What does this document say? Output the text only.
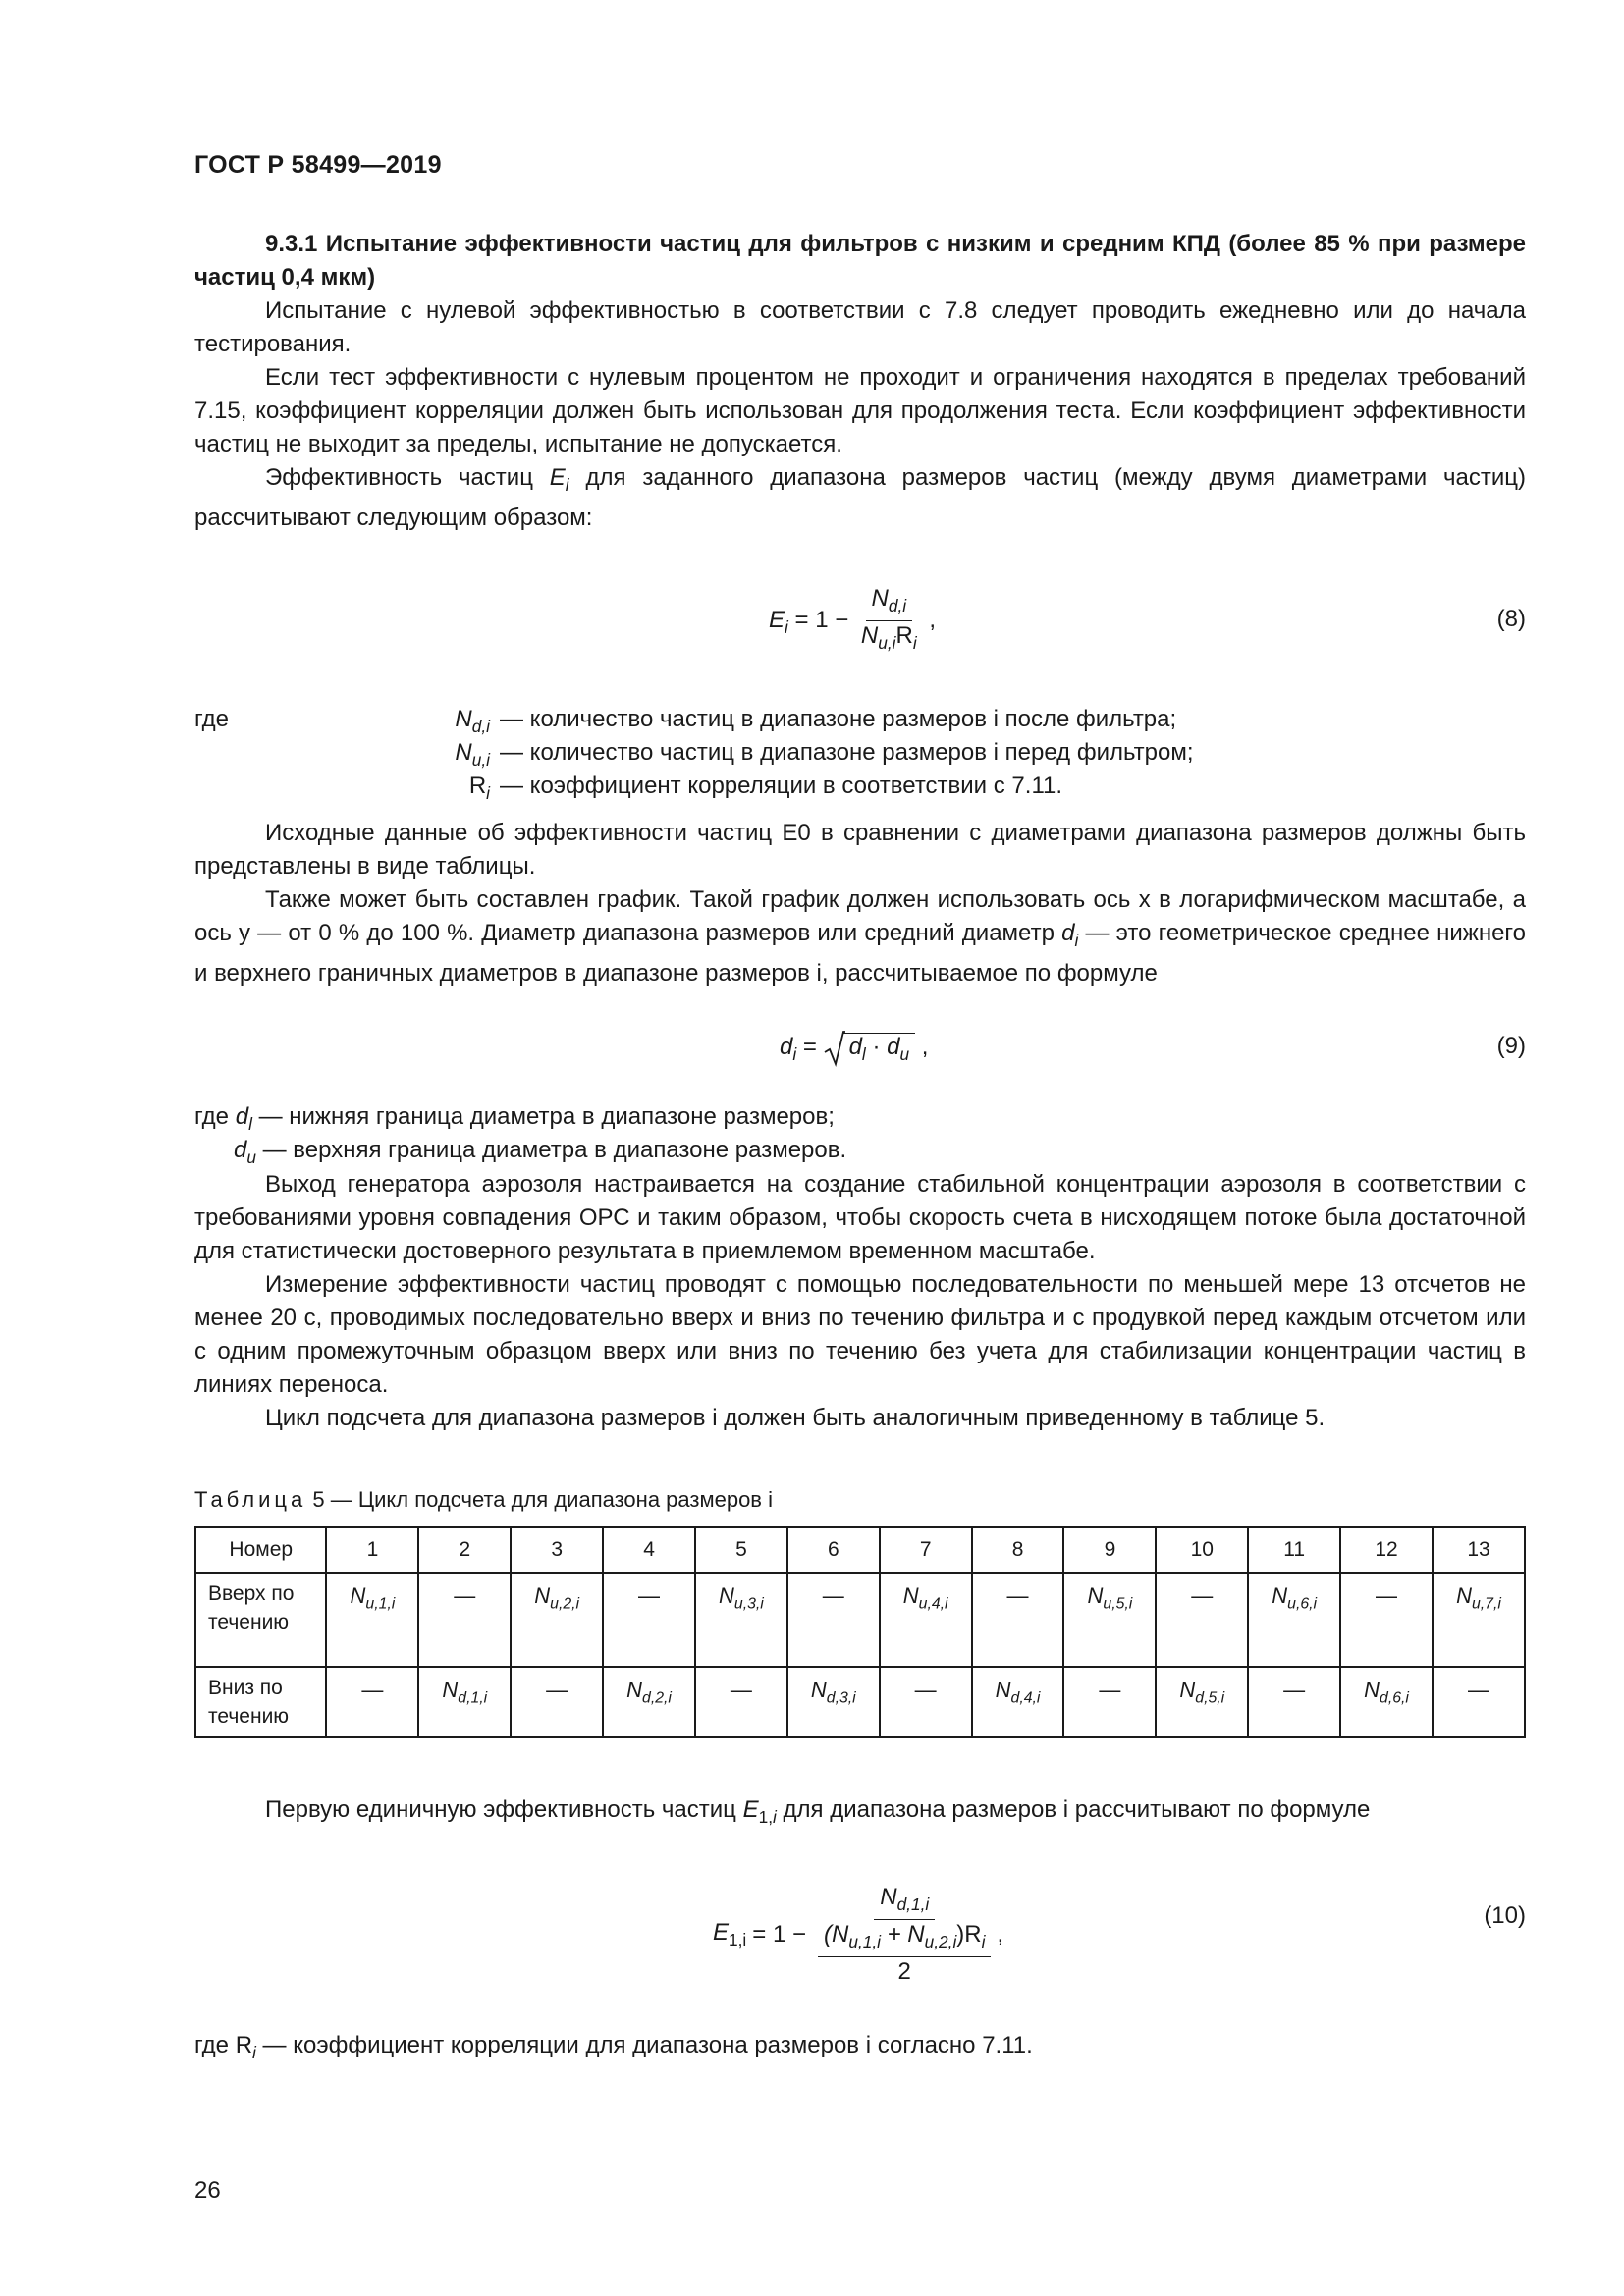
ГОСТ Р 58499—2019

9.3.1 Испытание эффективности частиц для фильтров с низким и средним КПД (более 85 % при размере частиц 0,4 мкм)

Испытание с нулевой эффективностью в соответствии с 7.8 следует проводить ежедневно или до начала тестирования.

Если тест эффективности с нулевым процентом не проходит и ограничения находятся в пределах требований 7.15, коэффициент корреляции должен быть использован для продолжения теста. Если коэффициент эффективности частиц не выходит за пределы, испытание не допускается.

Эффективность частиц $E_i$ для заданного диапазона размеров частиц (между двумя диаметрами частиц) рассчитывают следующим образом:

$E_i = 1 - \frac{N_{d,i}}{N_{u,i}R_i}$ ,	(8)
где	$N_{d,i}$ — количество частиц в диапазоне размеров i после фильтра;
$N_{u,i}$ — количество частиц в диапазоне размеров i перед фильтром;
$R_i$ — коэффициент корреляции в соответствии с 7.11.

Исходные данные об эффективности частиц E0 в сравнении с диаметрами диапазона размеров должны быть представлены в виде таблицы.

Также может быть составлен график. Такой график должен использовать ось x в логарифмическом масштабе, а ось y — от 0 % до 100 %. Диаметр диапазона размеров или средний диаметр $d_i$ — это геометрическое среднее нижнего и верхнего граничных диаметров в диапазоне размеров i, рассчитываемое по формуле

$d_i = d_l \cdot d_u$ ,	(9)
где $d_l$ — нижняя граница диаметра в диапазоне размеров;
$d_u$ — верхняя граница диаметра в диапазоне размеров.

Выход генератора аэрозоля настраивается на создание стабильной концентрации аэрозоля в соответствии с требованиями уровня совпадения ОРС и таким образом, чтобы скорость счета в нисходящем потоке была достаточной для статистически достоверного результата в приемлемом временном масштабе.

Измерение эффективности частиц проводят с помощью последовательности по меньшей мере 13 отсчетов не менее 20 с, проводимых последовательно вверх и вниз по течению фильтра и с продувкой перед каждым отсчетом или с одним промежуточным образцом вверх или вниз по течению без учета для стабилизации концентрации частиц в линиях переноса.

Цикл подсчета для диапазона размеров i должен быть аналогичным приведенному в таблице 5.

Таблица 5 — Цикл подсчета для диапазона размеров i
Номер	1	2	3	4	5	6	7	8	9	10	11	12	13
Вверх по течению	$N_{u,1,i}$	—	$N_{u,2,i}$	—	$N_{u,3,i}$	—	$N_{u,4,i}$	—	$N_{u,5,i}$	—	$N_{u,6,i}$	—	$N_{u,7,i}$
Вниз по течению	—	$N_{d,1,i}$	—	$N_{d,2,i}$	—	$N_{d,3,i}$	—	$N_{d,4,i}$	—	$N_{d,5,i}$	—	$N_{d,6,i}$	—

Первую единичную эффективность частиц $E_{1,i}$ для диапазона размеров i рассчитывают по формуле

$E_{1,i} = 1 - \frac{N_{d,1,i}}{\frac{(N_{u,1,i} + N_{u,2,i})R_i}{2}}$ ,
(10)

где $R_i$ — коэффициент корреляции для диапазона размеров i согласно 7.11.

26
